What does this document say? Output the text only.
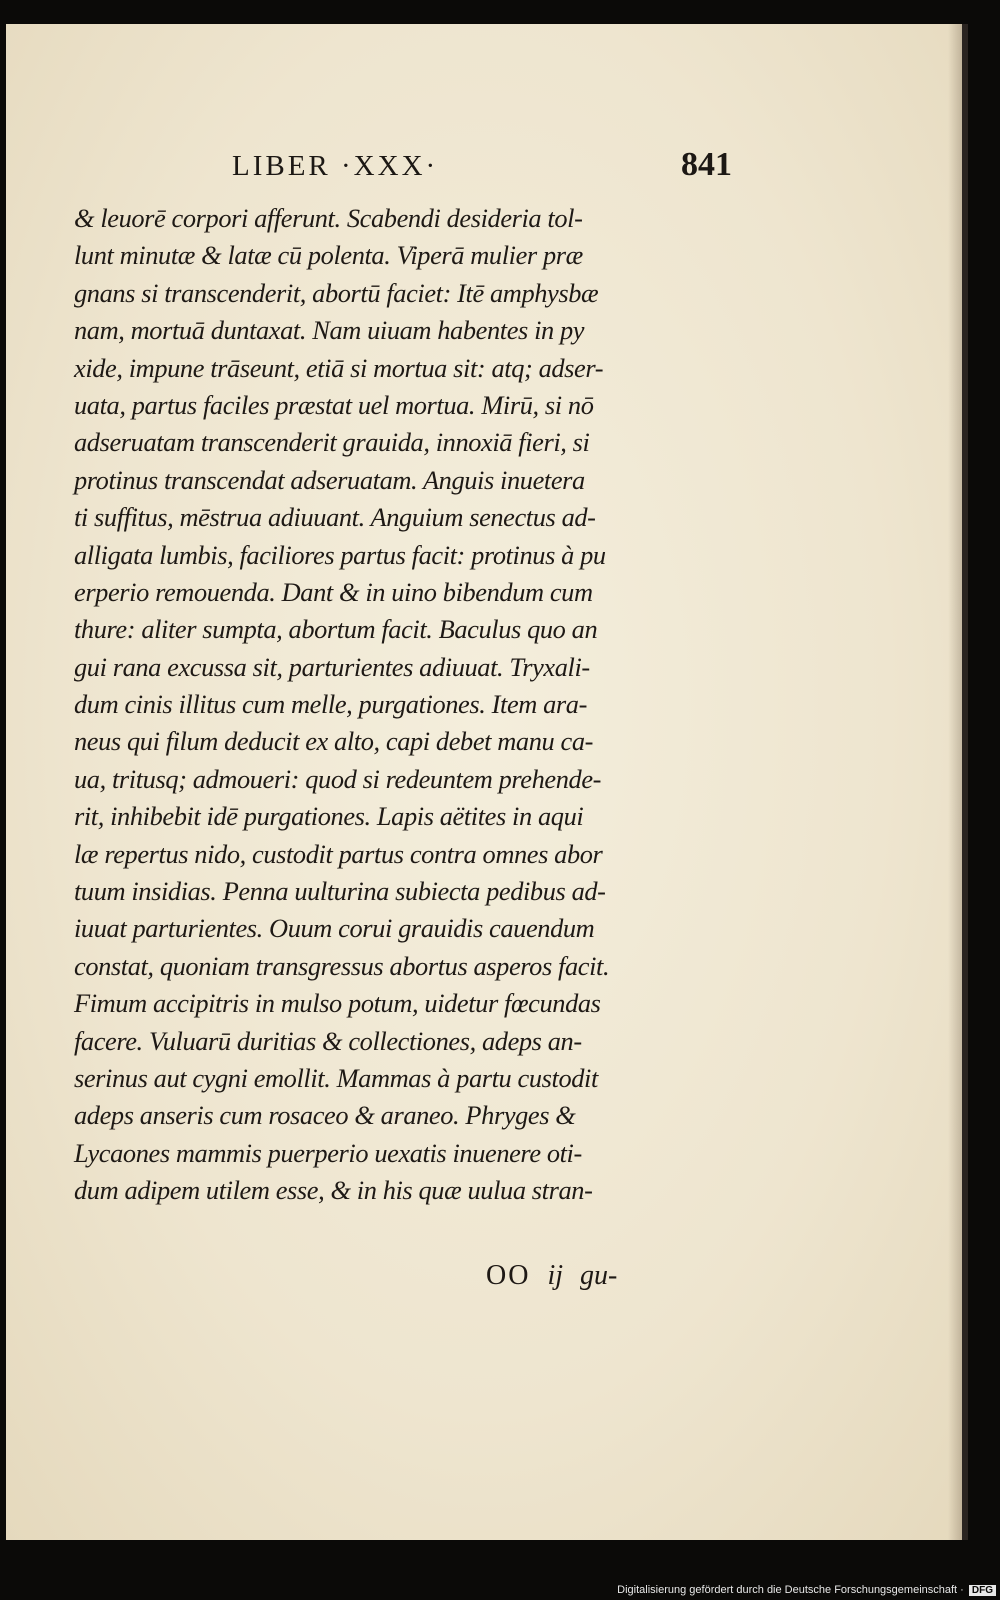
LIBER ·XXX·	841
& leuorē corpori afferunt. Scabendi desideria tol-
lunt minutæ & latæ cū polenta. Viperā mulier præ
gnans si transcenderit, abortū faciet: Itē amphysbæ
nam, mortuā duntaxat. Nam uiuam habentes in py
xide, impune trāseunt, etiā si mortua sit: atq; adser-
uata, partus faciles præstat uel mortua. Mirū, si nō
adseruatam transcenderit grauida, innoxiā fieri, si
protinus transcendat adseruatam. Anguis inuetera
ti suffitus, mēstrua adiuuant. Anguium senectus ad-
alligata lumbis, faciliores partus facit: protinus à pu
erperio remouenda. Dant & in uino bibendum cum
thure: aliter sumpta, abortum facit. Baculus quo an
gui rana excussa sit, parturientes adiuuat. Tryxali-
dum cinis illitus cum melle, purgationes. Item ara-
neus qui filum deducit ex alto, capi debet manu ca-
ua, tritusq; admoueri: quod si redeuntem prehende-
rit, inhibebit idē purgationes. Lapis aëtites in aqui
læ repertus nido, custodit partus contra omnes abor
tuum insidias. Penna uulturina subiecta pedibus ad-
iuuat parturientes. Ouum corui grauidis cauendum
constat, quoniam transgressus abortus asperos facit.
Fimum accipitris in mulso potum, uidetur fœcundas
facere. Vuluarū duritias & collectiones, adeps an-
serinus aut cygni emollit. Mammas à partu custodit
adeps anseris cum rosaceo & araneo. Phryges &
Lycaones mammis puerperio uexatis inuenere oti-
dum adipem utilem esse, & in his quæ uulua stran-
OO ij gu-
Digitalisierung gefördert durch die Deutsche Forschungsgemeinschaft · DFG
